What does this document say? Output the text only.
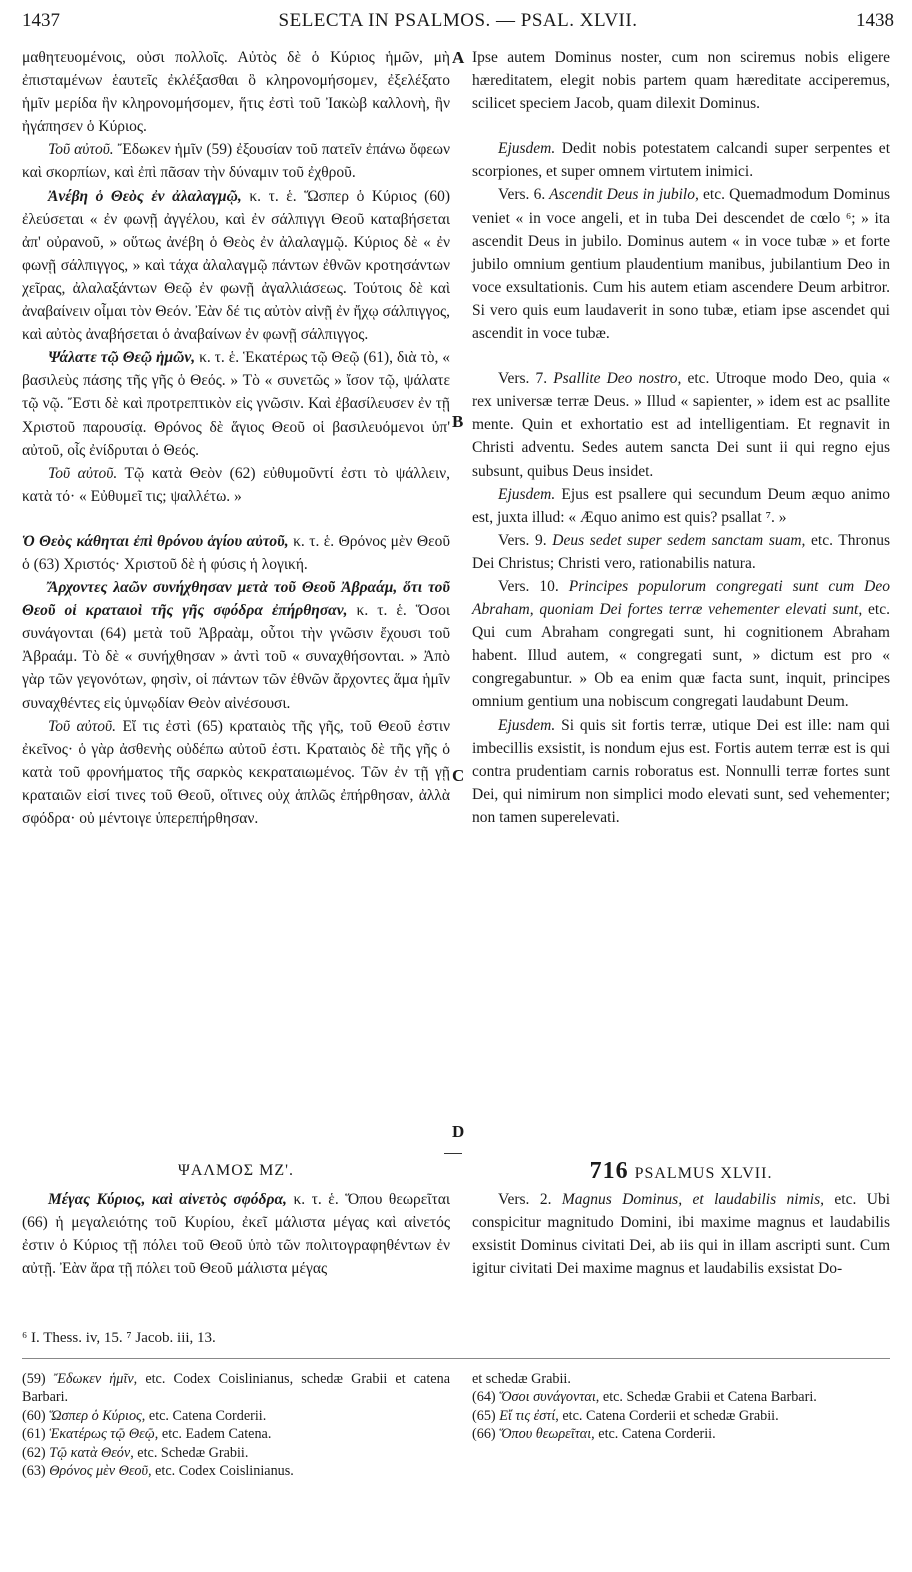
1437	SELECTA IN PSALMOS. — PSAL. XLVII.	1438

μαθητευομένοις, οὐσι πολλοῖς. Αὐτὸς δὲ ὁ Κύριος ἡμῶν, μὴ ἐπισταμένων ἑαυτεῖς ἐκλέξασθαι ὃ κληρονομήσομεν, ἐξελέξατο ἡμῖν μερίδα ἣν κληρονομήσομεν, ἥτις ἐστὶ τοῦ Ἰακὼβ καλλονὴ, ἣν ἠγάπησεν ὁ Κύριος.

Τοῦ αὐτοῦ. Ἔδωκεν ἡμῖν (59) ἐξουσίαν τοῦ πατεῖν ἐπάνω ὄφεων καὶ σκορπίων, καὶ ἐπὶ πᾶσαν τὴν δύναμιν τοῦ ἐχθροῦ.

Ἀνέβη ὁ Θεὸς ἐν ἀλαλαγμῷ, κ. τ. ἑ. Ὥσπερ ὁ Κύριος (60) ἐλεύσεται « ἐν φωνῇ ἀγγέλου, καὶ ἐν σάλπιγγι Θεοῦ καταβήσεται ἀπ' οὐρανοῦ, » οὕτως ἀνέβη ὁ Θεὸς ἐν ἀλαλαγμῷ. Κύριος δὲ « ἐν φωνῇ σάλπιγγος, » καὶ τάχα ἀλαλαγμῷ πάντων ἐθνῶν κροτησάντων χεῖρας, ἀλαλαξάντων Θεῷ ἐν φωνῇ ἀγαλλιάσεως. Τούτοις δὲ καὶ ἀναβαίνειν οἶμαι τὸν Θεόν. Ἐὰν δέ τις αὐτὸν αἰνῇ ἐν ἤχῳ σάλπιγγος, καὶ αὐτὸς ἀναβήσεται ὁ ἀναβαίνων ἐν φωνῇ σάλπιγγος.

Ψάλατε τῷ Θεῷ ἡμῶν, κ. τ. ἑ. Ἑκατέρως τῷ Θεῷ (61), διὰ τὸ, « βασιλεὺς πάσης τῆς γῆς ὁ Θεός. » Τὸ « συνετῶς » ἴσον τῷ, ψάλατε τῷ νῷ. Ἔστι δὲ καὶ προτρεπτικὸν εἰς γνῶσιν. Καὶ ἐβασίλευσεν ἐν τῇ Χριστοῦ παρουσίᾳ. Θρόνος δὲ ἅγιος Θεοῦ οἱ βασιλευόμενοι ὑπ' αὐτοῦ, οἷς ἐνίδρυται ὁ Θεός.

Τοῦ αὐτοῦ. Τῷ κατὰ Θεὸν (62) εὐθυμοῦντί ἐστι τὸ ψάλλειν, κατὰ τό· « Εὐθυμεῖ τις; ψαλλέτω. »

Ὁ Θεὸς κάθηται ἐπὶ θρόνου ἁγίου αὐτοῦ, κ. τ. ἑ. Θρόνος μὲν Θεοῦ ὁ (63) Χριστός· Χριστοῦ δὲ ἡ φύσις ἡ λογική.

Ἄρχοντες λαῶν συνήχθησαν μετὰ τοῦ Θεοῦ Ἀβραάμ, ὅτι τοῦ Θεοῦ οἱ κραταιοὶ τῆς γῆς σφόδρα ἐπήρθησαν, κ. τ. ἑ. Ὅσοι συνάγονται (64) μετὰ τοῦ Ἀβραὰμ, οὗτοι τὴν γνῶσιν ἔχουσι τοῦ Ἀβραάμ. Τὸ δὲ « συνήχθησαν » ἀντὶ τοῦ « συναχθήσονται. » Ἀπὸ γὰρ τῶν γεγονότων, φησὶν, οἱ πάντων τῶν ἐθνῶν ἄρχοντες ἅμα ἡμῖν συναχθέντες εἰς ὑμνῳδίαν Θεὸν αἰνέσουσι.

Τοῦ αὐτοῦ. Εἴ τις ἐστὶ (65) κραταιὸς τῆς γῆς, τοῦ Θεοῦ ἐστιν ἐκεῖνος· ὁ γὰρ ἀσθενὴς οὐδέπω αὐτοῦ ἐστι. Κραταιὸς δὲ τῆς γῆς ὁ κατὰ τοῦ φρονήματος τῆς σαρκὸς κεκραταιωμένος. Τῶν ἐν τῇ γῇ κραταιῶν εἰσί τινες τοῦ Θεοῦ, οἵτινες οὐχ ἁπλῶς ἐπήρθησαν, ἀλλὰ σφόδρα· οὐ μέντοιγε ὑπερεπήρθησαν.

Ipse autem Dominus noster, cum non sciremus nobis eligere hæreditatem, elegit nobis partem quam hæreditate acciperemus, scilicet speciem Jacob, quam dilexit Dominus.

Ejusdem. Dedit nobis potestatem calcandi super serpentes et scorpiones, et super omnem virtutem inimici.

Vers. 6. Ascendit Deus in jubilo, etc. Quemadmodum Dominus veniet « in voce angeli, et in tuba Dei descendet de cœlo ⁶; » ita ascendit Deus in jubilo. Dominus autem « in voce tubæ » et forte jubilo omnium gentium plaudentium manibus, jubilantium Deo in voce exsultationis. Cum his autem etiam ascendere Deum arbitror. Si vero quis eum laudaverit in sono tubæ, etiam ipse ascendet qui ascendit in voce tubæ.

Vers. 7. Psallite Deo nostro, etc. Utroque modo Deo, quia « rex universæ terræ Deus. » Illud « sapienter, » idem est ac psallite mente. Quin et exhortatio est ad intelligentiam. Et regnavit in Christi adventu. Sedes autem sancta Dei sunt ii qui regno ejus subsunt, quibus Deus insidet.

Ejusdem. Ejus est psallere qui secundum Deum æquo animo est, juxta illud: « Æquo animo est quis? psallat ⁷. »

Vers. 9. Deus sedet super sedem sanctam suam, etc. Thronus Dei Christus; Christi vero, rationabilis natura.

Vers. 10. Principes populorum congregati sunt cum Deo Abraham, quoniam Dei fortes terræ vehementer elevati sunt, etc. Qui cum Abraham congregati sunt, hi cognitionem Abraham habent. Illud autem, « congregati sunt, » dictum est pro « congregabuntur. » Ob ea enim quæ facta sunt, inquit, principes omnium gentium una nobiscum congregati laudabunt Deum.

Ejusdem. Si quis sit fortis terræ, utique Dei est ille: nam qui imbecillis exsistit, is nondum ejus est. Fortis autem terræ est is qui contra prudentiam carnis roboratus est. Nonnulli terræ fortes sunt Dei, qui nimirum non simplici modo elevati sunt, sed vehementer; non tamen superelevati.

A
B
C
D
ΨΑΛΜΟΣ ΜΖ'.	716 PSALMUS XLVII.

Μέγας Κύριος, καὶ αἰνετὸς σφόδρα, κ. τ. ἑ. Ὅπου θεωρεῖται (66) ἡ μεγαλειότης τοῦ Κυρίου, ἐκεῖ μάλιστα μέγας καὶ αἰνετός ἐστιν ὁ Κύριος τῇ πόλει τοῦ Θεοῦ ὑπὸ τῶν πολιτογραφηθέντων ἐν αὐτῇ. Ἐὰν ἄρα τῇ πόλει τοῦ Θεοῦ μάλιστα μέγας

Vers. 2. Magnus Dominus, et laudabilis nimis, etc. Ubi conspicitur magnitudo Domini, ibi maxime magnus et laudabilis exsistit Dominus civitati Dei, ab iis qui in illam ascripti sunt. Cum igitur civitati Dei maxime magnus et laudabilis exsistat Do-

⁶ I. Thess. iv, 15. ⁷ Jacob. iii, 13.

(59) Ἔδωκεν ἡμῖν, etc. Codex Coislinianus, schedæ Grabii et catena Barbari.

(60) Ὥσπερ ὁ Κύριος, etc. Catena Corderii.

(61) Ἑκατέρως τῷ Θεῷ, etc. Eadem Catena.

(62) Τῷ κατὰ Θεόν, etc. Schedæ Grabii.

(63) Θρόνος μὲν Θεοῦ, etc. Codex Coislinianus.

et schedæ Grabii.

(64) Ὅσοι συνάγονται, etc. Schedæ Grabii et Catena Barbari.

(65) Εἴ τις ἐστί, etc. Catena Corderii et schedæ Grabii.

(66) Ὅπου θεωρεῖται, etc. Catena Corderii.
